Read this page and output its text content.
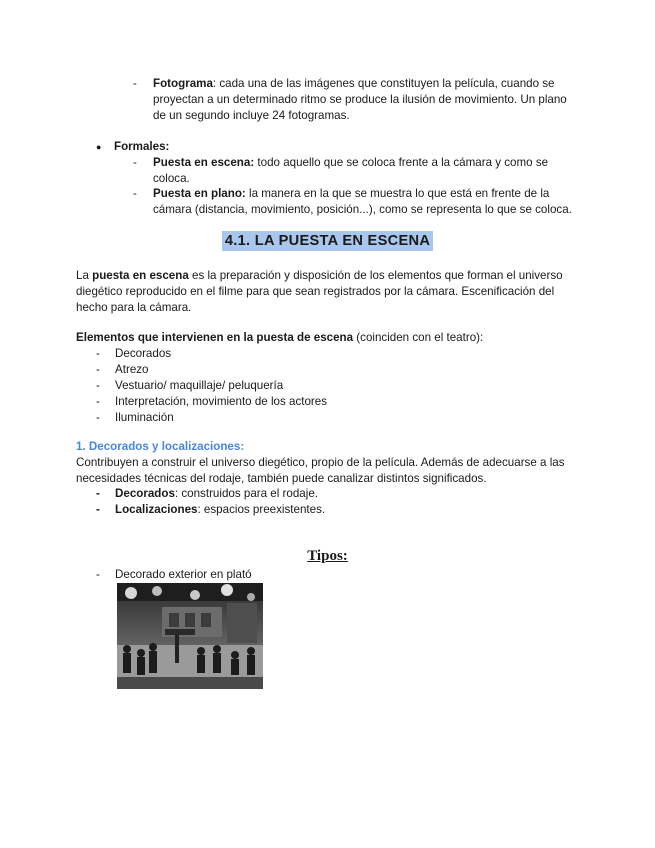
- Fotograma: cada una de las imágenes que constituyen la película, cuando se
proyectan a un determinado ritmo se produce la ilusión de movimiento. Un plano
de un segundo incluye 24 fotogramas.
● Formales:
- Puesta en escena: todo aquello que se coloca frente a la cámara y como se
coloca.
- Puesta en plano: la manera en la que se muestra lo que está en frente de la
cámara (distancia, movimiento, posición...), como se representa lo que se coloca.
4.1. LA PUESTA EN ESCENA
La puesta en escena es la preparación y disposición de los elementos que forman el universo
diegético reproducido en el filme para que sean registrados por la cámara. Escenificación del
hecho para la cámara.
Elementos que intervienen en la puesta de escena (coinciden con el teatro):
- Decorados
- Atrezo
- Vestuario/ maquillaje/ peluquería
- Interpretación, movimiento de los actores
- Iluminación
1. Decorados y localizaciones:
Contribuyen a construir el universo diegético, propio de la película. Además de adecuarse a las
necesidades técnicas del rodaje, también puede canalizar distintos significados.
- Decorados: construidos para el rodaje.
- Localizaciones: espacios preexistentes.
Tipos:
- Decorado exterior en plató
